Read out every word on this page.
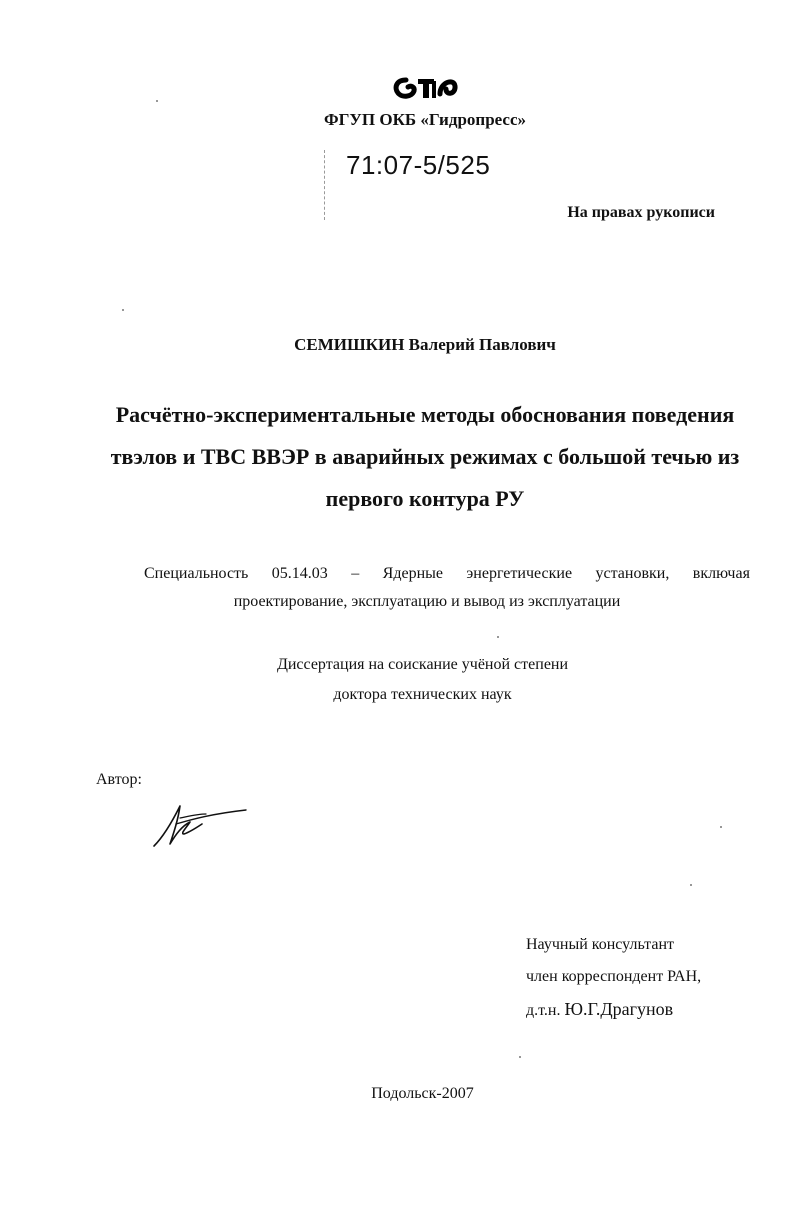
ФГУП ОКБ «Гидропресс»
71:07-5/525
На правах рукописи
СЕМИШКИН Валерий Павлович
Расчётно-экспериментальные методы обоснования поведения
твэлов и ТВС ВВЭР в аварийных режимах с большой течью из
первого контура РУ
Специальность 05.14.03 – Ядерные энергетические установки, включая
проектирование, эксплуатацию и вывод из эксплуатации
Диссертация на соискание учёной степени
доктора технических наук
Автор:
Научный консультант
член корреспондент РАН,
д.т.н. Ю.Г.Драгунов
Подольск-2007
